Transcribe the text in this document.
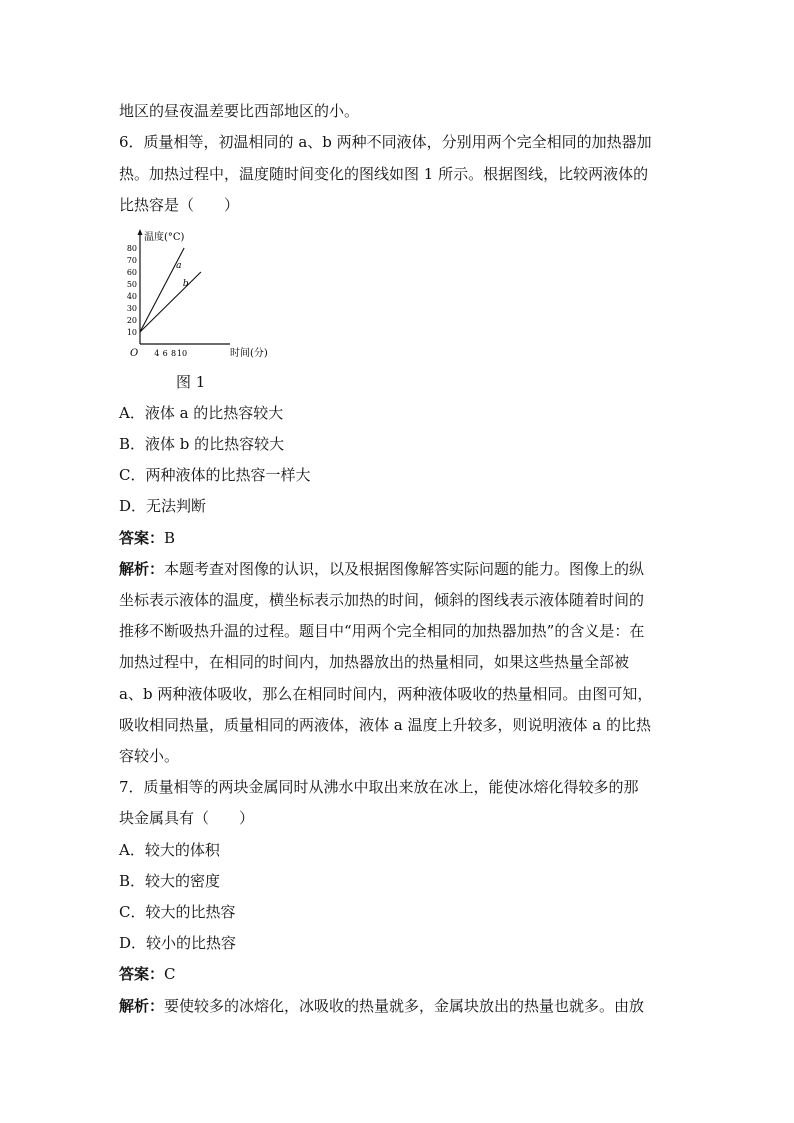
地区的昼夜温差要比西部地区的小。
6．质量相等，初温相同的 a、b 两种不同液体，分别用两个完全相同的加热器加
热。加热过程中，温度随时间变化的图线如图 1 所示。根据图线，比较两液体的
比热容是（　　）
温度(°C)
时间(分)
O
10
20
30
40
50
60
70
80
4 6 8 10
a
b
图 1
A．液体 a 的比热容较大
B．液体 b 的比热容较大
C．两种液体的比热容一样大
D．无法判断
答案：B
解析：本题考查对图像的认识，以及根据图像解答实际问题的能力。图像上的纵
坐标表示液体的温度，横坐标表示加热的时间，倾斜的图线表示液体随着时间的
推移不断吸热升温的过程。题目中“用两个完全相同的加热器加热”的含义是：在
加热过程中，在相同的时间内，加热器放出的热量相同，如果这些热量全部被
a、b 两种液体吸收，那么在相同时间内，两种液体吸收的热量相同。由图可知，
吸收相同热量，质量相同的两液体，液体 a 温度上升较多，则说明液体 a 的比热
容较小。
7．质量相等的两块金属同时从沸水中取出来放在冰上，能使冰熔化得较多的那
块金属具有（　　）
A．较大的体积
B．较大的密度
C．较大的比热容
D．较小的比热容
答案：C
解析：要使较多的冰熔化，冰吸收的热量就多，金属块放出的热量也就多。由放
